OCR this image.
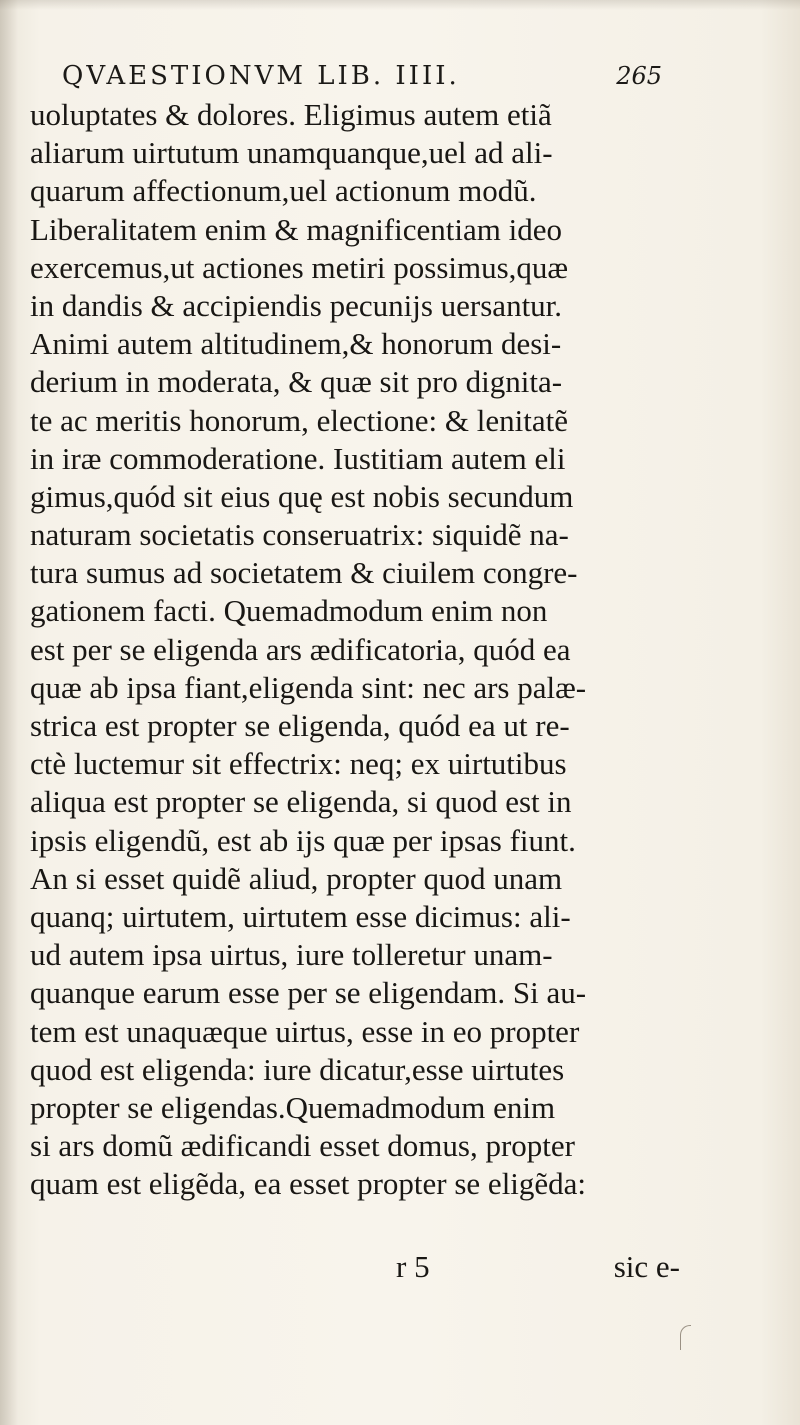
QVAESTIONVM LIB. IIII.	265
uoluptates & dolores. Eligimus autem etiã
aliarum uirtutum unamquanque,uel ad ali-
quarum affectionum,uel actionum modũ.
Liberalitatem enim & magnificentiam ideo
exercemus,ut actiones metiri possimus,quæ
in dandis & accipiendis pecunijs uersantur.
Animi autem altitudinem,& honorum desi-
derium in moderata, & quæ sit pro dignita-
te ac meritis honorum, electione: & lenitatẽ
in iræ commoderatione. Iustitiam autem eli
gimus,quód sit eius quę est nobis secundum
naturam societatis conseruatrix: siquidẽ na-
tura sumus ad societatem & ciuilem congre-
gationem facti. Quemadmodum enim non
est per se eligenda ars ædificatoria, quód ea
quæ ab ipsa fiant,eligenda sint: nec ars palæ-
strica est propter se eligenda, quód ea ut re-
ctè luctemur sit effectrix: neq; ex uirtutibus
aliqua est propter se eligenda, si quod est in
ipsis eligendũ, est ab ijs quæ per ipsas fiunt.
An si esset quidẽ aliud, propter quod unam
quanq; uirtutem, uirtutem esse dicimus: ali-
ud autem ipsa uirtus, iure tolleretur unam-
quanque earum esse per se eligendam. Si au-
tem est unaquæque uirtus, esse in eo propter
quod est eligenda: iure dicatur,esse uirtutes
propter se eligendas.Quemadmodum enim
si ars domũ ædificandi esset domus, propter
quam est eligẽda, ea esset propter se eligẽda:
r 5	sic e-
